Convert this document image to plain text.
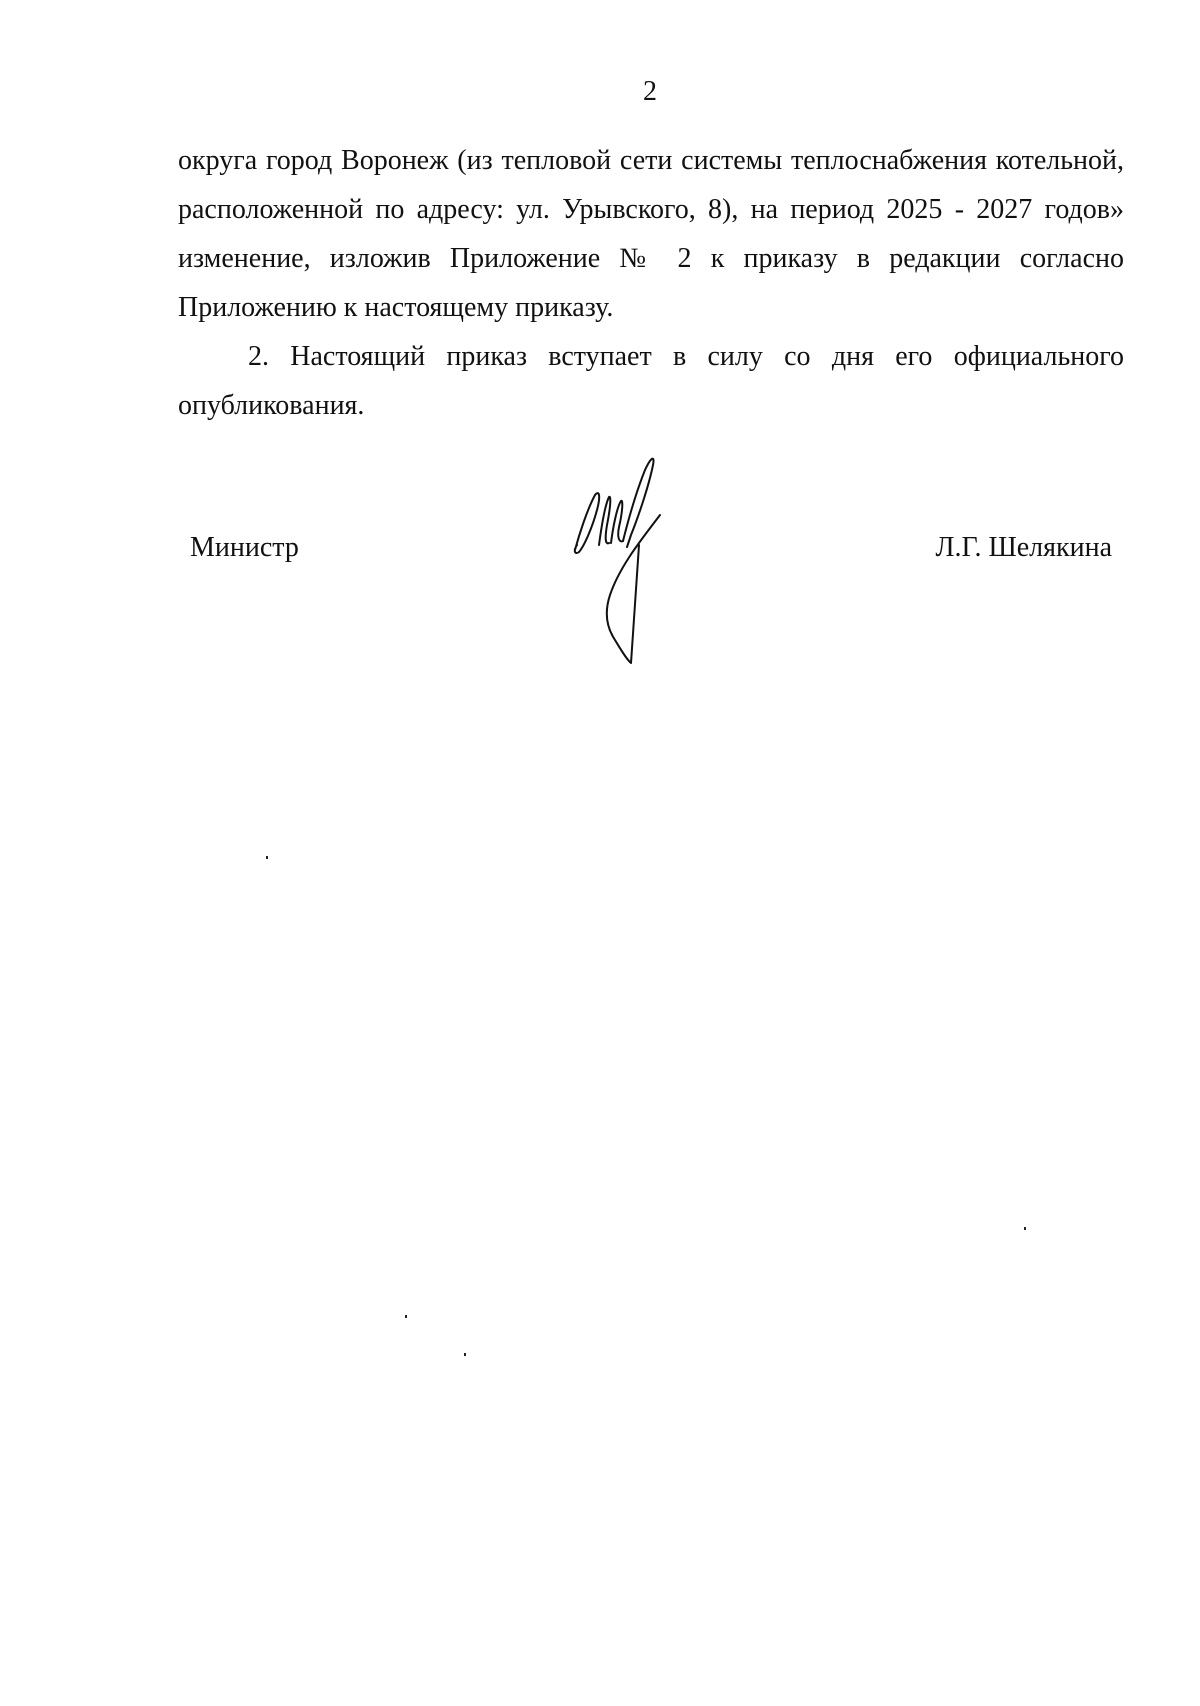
2

округа город Воронеж (из тепловой сети системы теплоснабжения котельной, расположенной по адресу: ул. Урывского, 8), на период 2025 - 2027 годов» изменение, изложив Приложение № 2 к приказу в редакции согласно Приложению к настоящему приказу.

2. Настоящий приказ вступает в силу со дня его официального опубликования.

Министр	Л.Г. Шелякина
